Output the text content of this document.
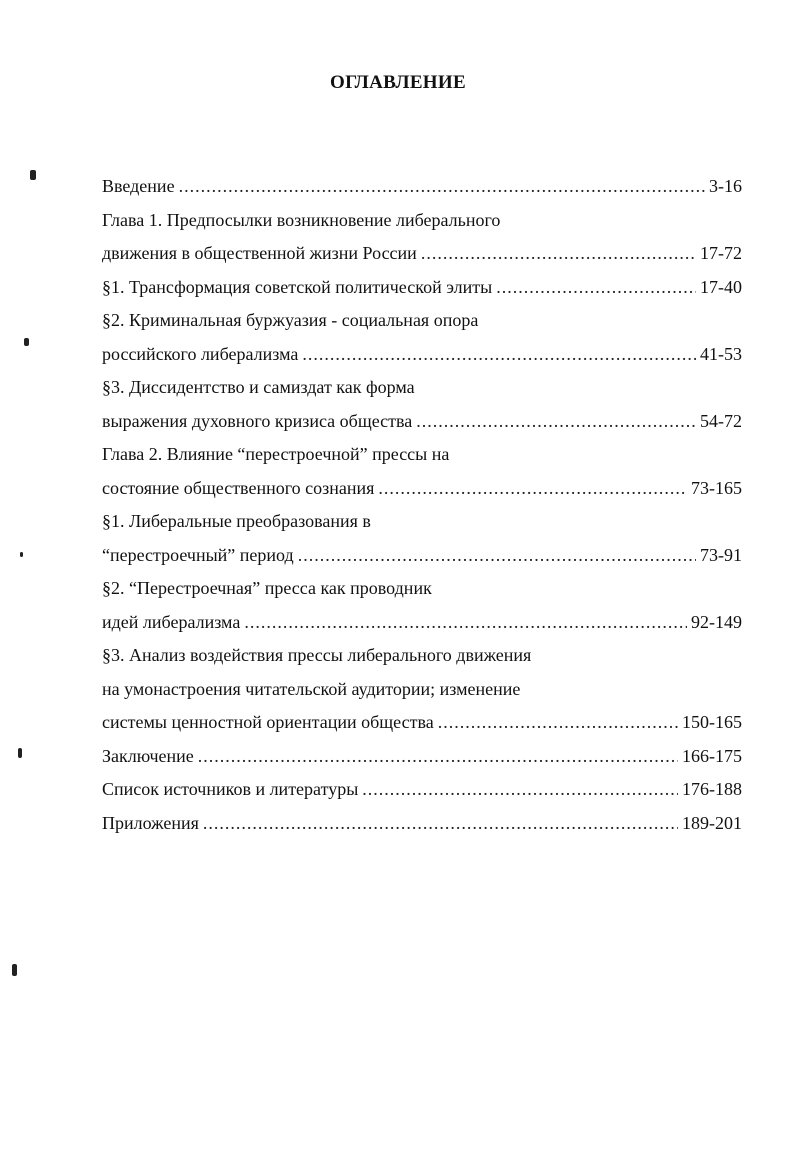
ОГЛАВЛЕНИЕ
Введение .....	3-16
Глава 1. Предпосылки возникновение либерального
движения в общественной жизни России .....	17-72
§1. Трансформация советской политической элиты .....	17-40
§2. Криминальная буржуазия - социальная опора
российского либерализма .....	41-53
§3. Диссидентство и самиздат как форма
выражения духовного кризиса общества .....	54-72
Глава 2. Влияние “перестроечной” прессы на
состояние общественного сознания .....	73-165
§1. Либеральные преобразования в
“перестроечный” период .....	73-91
§2. “Перестроечная” пресса как проводник
идей либерализма .....	92-149
§3. Анализ воздействия прессы либерального движения
на умонастроения читательской аудитории; изменение
системы ценностной ориентации общества .....	150-165
Заключение .....	166-175
Список источников и литературы .....	176-188
Приложения .....	189-201
